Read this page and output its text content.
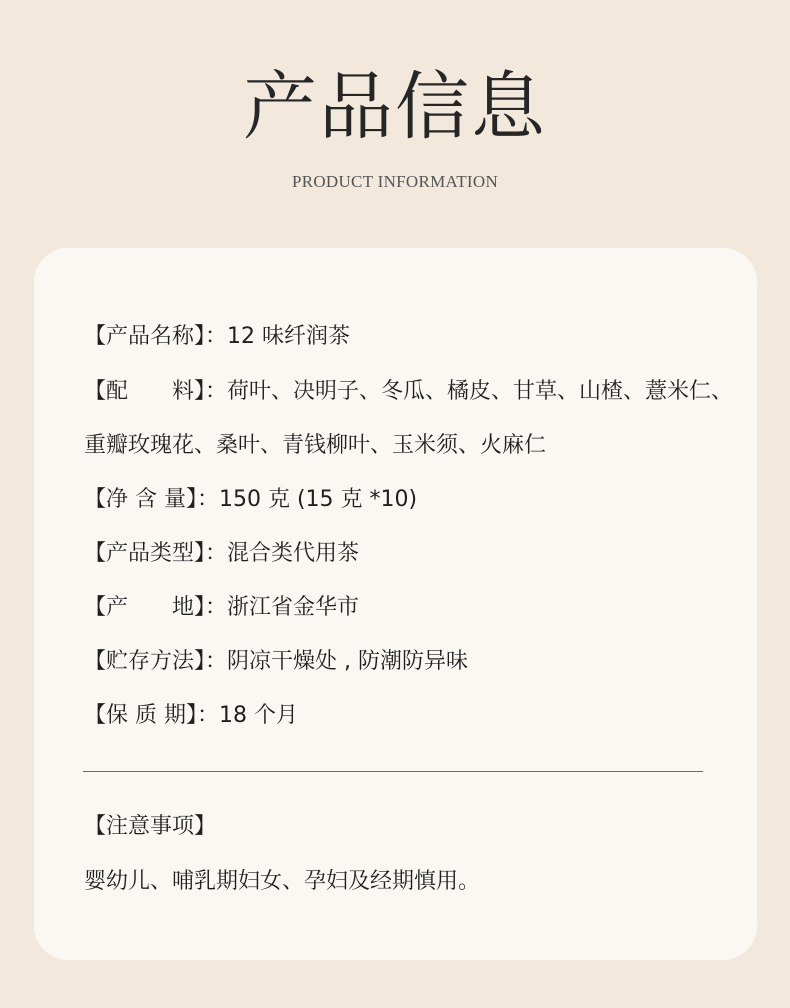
产品信息
PRODUCT INFORMATION
【产品名称】：12 味纤润茶
【配　　料】：荷叶、决明子、冬瓜、橘皮、甘草、山楂、薏米仁、
重瓣玫瑰花、桑叶、青钱柳叶、玉米须、火麻仁
【净 含 量】：150 克 (15 克 *10)
【产品类型】：混合类代用茶
【产　　地】：浙江省金华市
【贮存方法】：阴凉干燥处 , 防潮防异味
【保 质 期】：18 个月
【注意事项】
婴幼儿、哺乳期妇女、孕妇及经期慎用。
